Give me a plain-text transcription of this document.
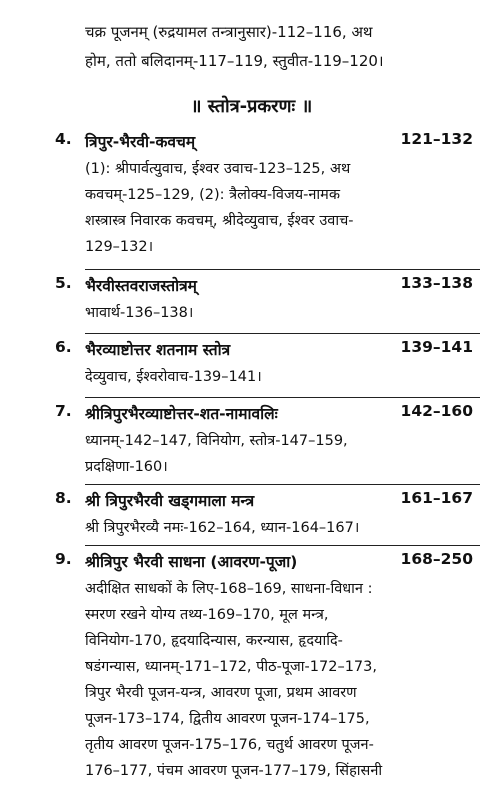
चक्र पूजनम् (रुद्रयामल तन्त्रानुसार)-112–116, अथ
होम, ततो बलिदानम्-117–119, स्तुवीत-119–120।
॥ स्तोत्र-प्रकरणः ॥
4. त्रिपुर-भैरवी-कवचम्	121–132
(1): श्रीपार्वत्युवाच, ईश्वर उवाच-123–125, अथ
कवचम्-125–129, (2): त्रैलोक्य-विजय-नामक
शस्त्रास्त्र निवारक कवचम्, श्रीदेव्युवाच, ईश्वर उवाच-
129–132।
5. भैरवीस्तवराजस्तोत्रम्	133–138
भावार्थ-136–138।
6. भैरव्याष्टोत्तर शतनाम स्तोत्र	139–141
देव्युवाच, ईश्वरोवाच-139–141।
7. श्रीत्रिपुरभैरव्याष्टोत्तर-शत-नामावलिः	142–160
ध्यानम्-142–147, विनियोग, स्तोत्र-147–159,
प्रदक्षिणा-160।
8. श्री त्रिपुरभैरवी खड्गमाला मन्त्र	161–167
श्री त्रिपुरभैरव्यै नमः-162–164, ध्यान-164–167।
9. श्रीत्रिपुर भैरवी साधना (आवरण-पूजा)	168–250
अदीक्षित साधकों के लिए-168–169, साधना-विधान :
स्मरण रखने योग्य तथ्य-169–170, मूल मन्त्र,
विनियोग-170, हृदयादिन्यास, करन्यास, हृदयादि-
षडंगन्यास, ध्यानम्-171–172, पीठ-पूजा-172–173,
त्रिपुर भैरवी पूजन-यन्त्र, आवरण पूजा, प्रथम आवरण
पूजन-173–174, द्वितीय आवरण पूजन-174–175,
तृतीय आवरण पूजन-175–176, चतुर्थ आवरण पूजन-
176–177, पंचम आवरण पूजन-177–179, सिंहासनी
